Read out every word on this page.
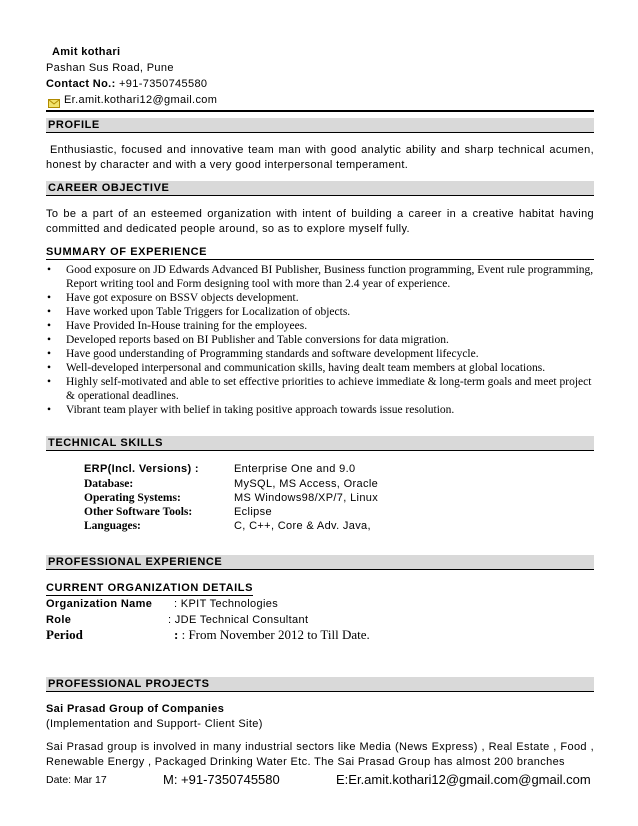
Amit kothari
Pashan Sus Road, Pune
Contact No.: +91-7350745580
Er.amit.kothari12@gmail.com
PROFILE
Enthusiastic, focused and innovative team man with good analytic ability and sharp technical acumen, honest by character and with a very good interpersonal temperament.
CAREER OBJECTIVE
To be a part of an esteemed organization with intent of building a career in a creative habitat having committed and dedicated people around, so as to explore myself fully.
SUMMARY OF EXPERIENCE
• Good exposure on JD Edwards Advanced BI Publisher, Business function programming, Event rule programming, Report writing tool and Form designing tool with more than 2.4 year of experience.
• Have got exposure on BSSV objects development.
• Have worked upon Table Triggers for Localization of objects.
• Have Provided In-House training for the employees.
• Developed reports based on BI Publisher and Table conversions for data migration.
• Have good understanding of Programming standards and software development lifecycle.
• Well-developed interpersonal and communication skills, having dealt team members at global locations.
• Highly self-motivated and able to set effective priorities to achieve immediate & long-term goals and meet project & operational deadlines.
• Vibrant team player with belief in taking positive approach towards issue resolution.
TECHNICAL SKILLS
ERP(Incl. Versions) :	Enterprise One and 9.0
Database:	MySQL, MS Access, Oracle
Operating Systems:	MS Windows98/XP/7, Linux
Other Software Tools:	Eclipse
Languages:	C, C++, Core & Adv. Java,
PROFESSIONAL EXPERIENCE
CURRENT ORGANIZATION DETAILS
Organization Name : KPIT Technologies
Role	: JDE Technical Consultant
Period	: : From November 2012 to Till Date.
PROFESSIONAL PROJECTS
Sai Prasad Group of Companies
(Implementation and Support- Client Site)
Sai Prasad group is involved in many industrial sectors like Media (News Express) , Real Estate , Food , Renewable Energy , Packaged Drinking Water Etc. The Sai Prasad Group has almost 200 branches
Date: Mar 17	M: +91-7350745580	E:Er.amit.kothari12@gmail.com@gmail.com
